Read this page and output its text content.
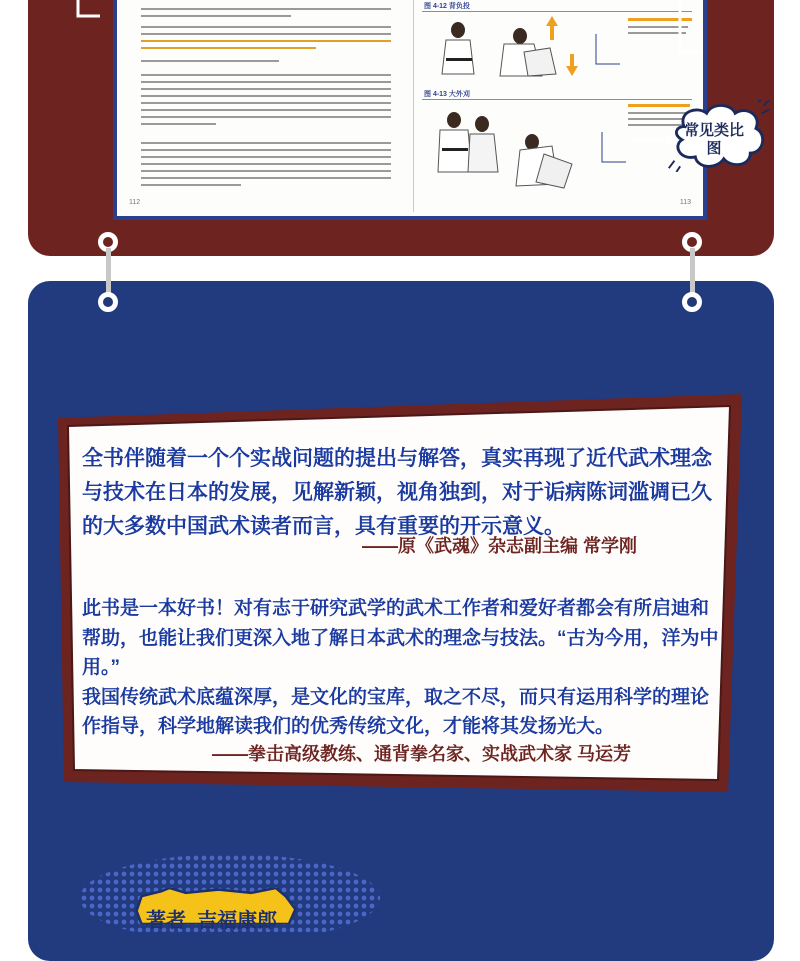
112
图 4-12 背负投
图 4-13 大外刈
113
常见类比图
全书伴随着一个个实战问题的提出与解答，真实再现了近代武术理念与技术在日本的发展，见解新颖，视角独到，对于诟病陈词滥调已久的大多数中国武术读者而言，具有重要的开示意义。
——原《武魂》杂志副主编 常学刚
此书是一本好书！对有志于研究武学的武术工作者和爱好者都会有所启迪和帮助，也能让我们更深入地了解日本武术的理念与技法。“古为今用，洋为中用。”
我国传统武术底蕴深厚，是文化的宝库，取之不尽，而只有运用科学的理论作指导，科学地解读我们的优秀传统文化，才能将其发扬光大。
——拳击高级教练、通背拳名家、实战武术家 马运芳
著者 吉福康郎
